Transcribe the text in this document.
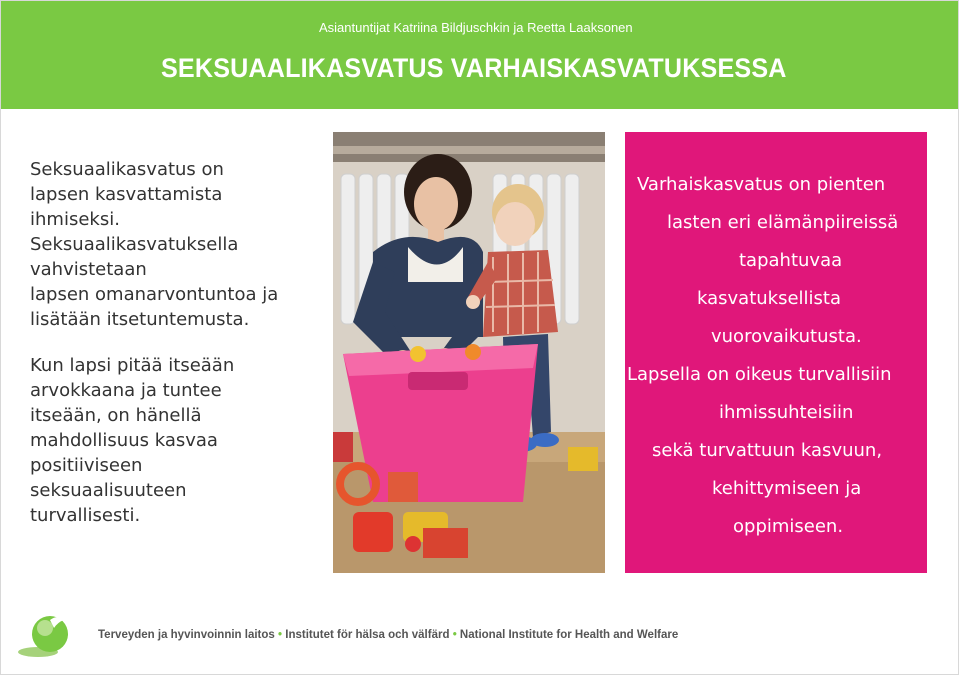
Asiantuntijat Katriina Bildjuschkin ja Reetta Laaksonen
SEKSUAALIKASVATUS VARHAISKASVATUKSESSA

Seksuaalikasvatus on
lapsen kasvattamista
ihmiseksi.
Seksuaalikasvatuksella
vahvistetaan
lapsen omanarvontuntoa ja
lisätään itsetuntemusta.

Kun lapsi pitää itseään
arvokkaana ja tuntee
itseään, on hänellä
mahdollisuus kasvaa
positiiviseen
seksuaalisuuteen
turvallisesti.

Varhaiskasvatus on pienten
lasten eri elämänpiireissä
tapahtuvaa
kasvatuksellista
vuorovaikutusta.
Lapsella on oikeus turvallisiin
ihmissuhteisiin
sekä turvattuun kasvuun,
kehittymiseen ja
oppimiseen.
Terveyden ja hyvinvoinnin laitos • Institutet för hälsa och välfärd • National Institute for Health and Welfare
